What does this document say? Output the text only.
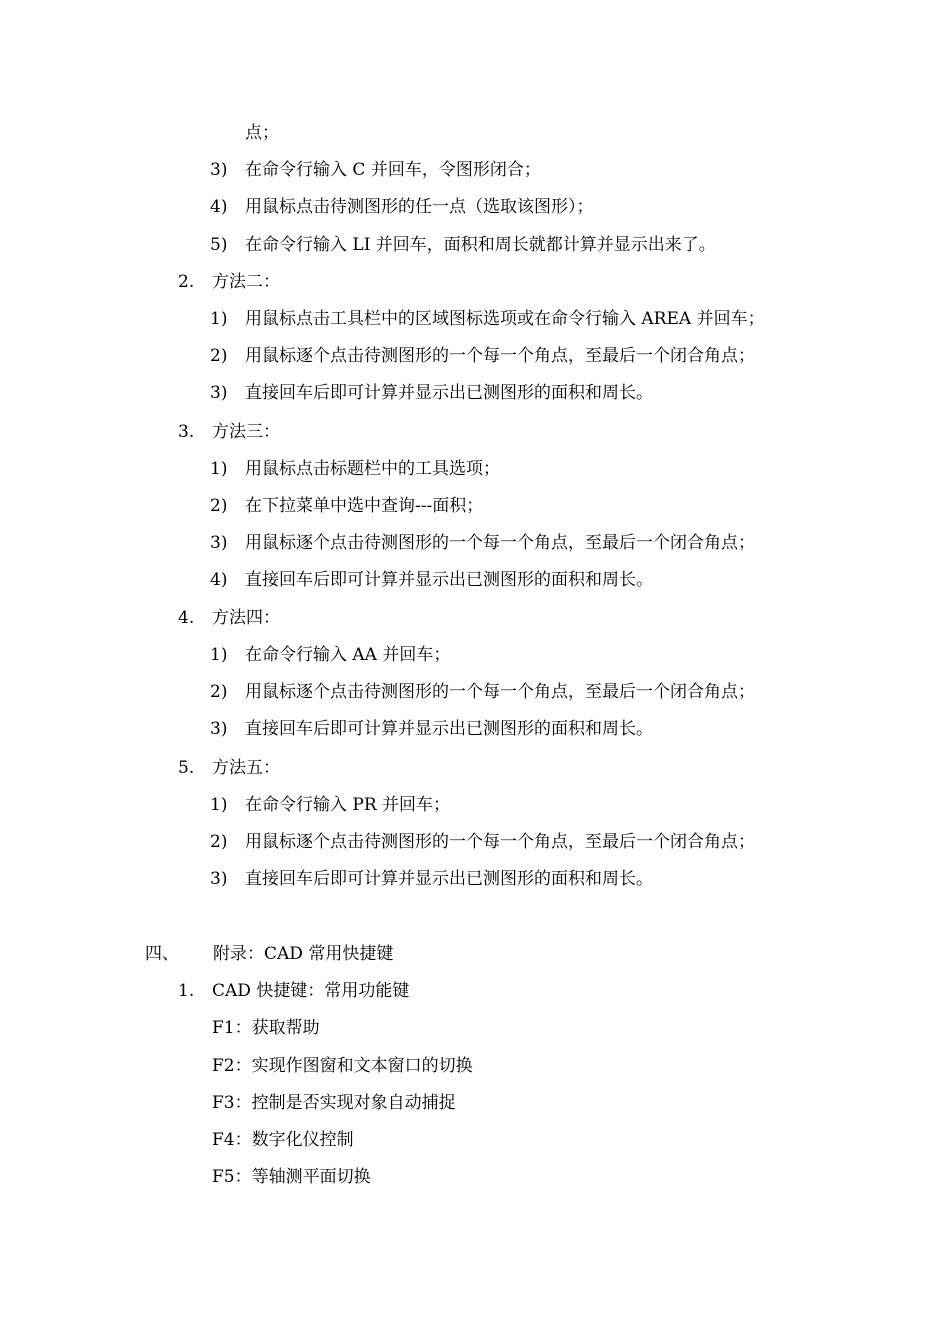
点；
3) 在命令行输入 C 并回车，令图形闭合；
4) 用鼠标点击待测图形的任一点（选取该图形）；
5) 在命令行输入 LI 并回车，面积和周长就都计算并显示出来了。
2. 方法二：
1) 用鼠标点击工具栏中的区域图标选项或在命令行输入 AREA 并回车；
2) 用鼠标逐个点击待测图形的一个每一个角点，至最后一个闭合角点；
3) 直接回车后即可计算并显示出已测图形的面积和周长。
3. 方法三：
1) 用鼠标点击标题栏中的工具选项；
2) 在下拉菜单中选中查询---面积；
3) 用鼠标逐个点击待测图形的一个每一个角点，至最后一个闭合角点；
4) 直接回车后即可计算并显示出已测图形的面积和周长。
4. 方法四：
1) 在命令行输入 AA 并回车；
2) 用鼠标逐个点击待测图形的一个每一个角点，至最后一个闭合角点；
3) 直接回车后即可计算并显示出已测图形的面积和周长。
5. 方法五：
1) 在命令行输入 PR 并回车；
2) 用鼠标逐个点击待测图形的一个每一个角点，至最后一个闭合角点；
3) 直接回车后即可计算并显示出已测图形的面积和周长。
四、 附录：CAD 常用快捷键
1. CAD 快捷键：常用功能键
F1：获取帮助
F2：实现作图窗和文本窗口的切换
F3：控制是否实现对象自动捕捉
F4：数字化仪控制
F5：等轴测平面切换
